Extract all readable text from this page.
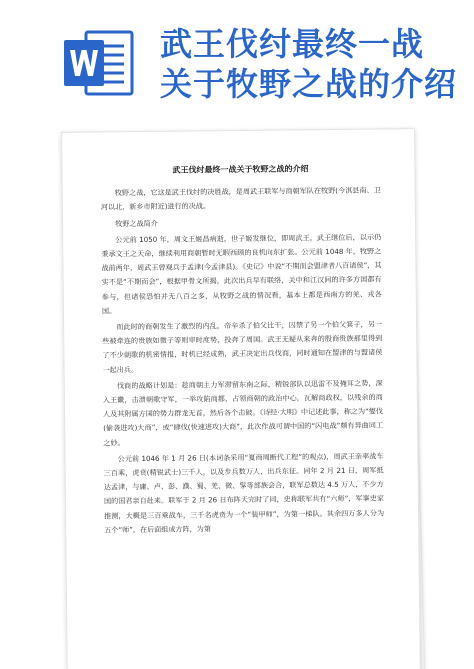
武王伐纣最终一战
关于牧野之战的介绍
武王伐纣最终一战关于牧野之战的介绍

牧野之战，它这是武王伐纣的决胜战，是周武王联军与商朝军队在牧野(今淇县南、卫河以北，新乡市附近)进行的决战。

牧野之战简介

公元前 1050 年，周文王姬昌病逝，世子姬发继位，即周武王，武王继位后，以示仍秉承文王之天命，继续利用商朝暂时无暇西顾的良机向东扩张。公元前 1048 年，牧野之战前两年，周武王曾观兵于孟津(今孟津县)。《史记》中说“不期而会盟津者八百诸侯”，其实不是“不期而会”，根据甲骨文所揭，此次出兵早有联络，关中和江汉间的许多方国都有参与，但诸侯恐怕并无八百之多，从牧野之战的情况看，基本上都是西南方的羌、戎各国。

而此时的商朝发生了激烈的内乱，帝辛杀了伯父比干，囚禁了另一个伯父箕子，另一些被牵连的贵族如微子等则审时度势，投奔了周国。武王无疑从来奔的殷商贵族那里得到了不少朝歌的机密情报，时机已经成熟，武王决定出兵伐商，同时通知在盟津的与盟诸侯一起出兵。

伐商的战略计划是：趁商朝主力军滞留东南之际，精锐部队以迅雷不及掩耳之势，深入王畿，击溃朝歌守军，一举攻陷商都，占领商朝的政治中心，瓦解商政权，以残余的商人及其附属方国的势力群龙无首，然后各个击破。《诗经·大明》中记述此事，称之为“燮伐(偷袭进攻)大商”，或“肆伐(快速进攻)大商”，此次作战可谓中国的“闪电战”颇有异曲同工之妙。

公元前 1046 年 1 月 26 日(本词条采用“夏商周断代工程”的观点)，周武王亲率战车三百乘，虎贲(精锐武士)三千人，以及步兵数万人，出兵东征。同年 2 月 21 日，周军抵达孟津，与庸、卢、彭、濮、蜀、羌、微、髳等部族会合，联军总数达 4.5 万人，不少方国的国君亲自赴来。联军于 2 月 26 日布阵天完时了同，史称联军共有“六师”，军事史家推测，大概是三百乘战车，三千名虎贲为一个“装甲师”，为第一梯队。其余四万多人分为五个“师”，在后面组成方阵，为第
